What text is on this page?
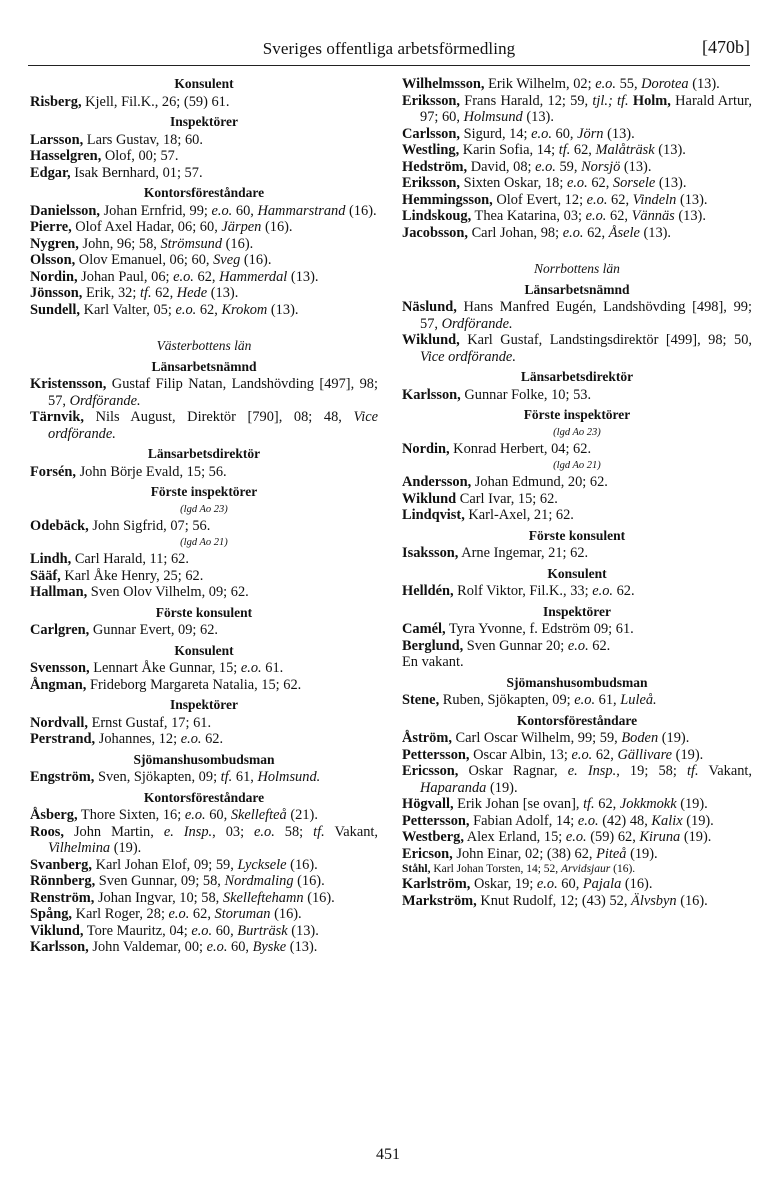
Sveriges offentliga arbetsförmedling	[470b]
Konsulent

Risberg, Kjell, Fil.K., 26; (59) 61.

Inspektörer

Larsson, Lars Gustav, 18; 60.

Hasselgren, Olof, 00; 57.

Edgar, Isak Bernhard, 01; 57.

Kontorsföreståndare

Danielsson, Johan Ernfrid, 99; e.o. 60, Hammarstrand (16).

Pierre, Olof Axel Hadar, 06; 60, Järpen (16).

Nygren, John, 96; 58, Strömsund (16).

Olsson, Olov Emanuel, 06; 60, Sveg (16).

Nordin, Johan Paul, 06; e.o. 62, Hammerdal (13).

Jönsson, Erik, 32; tf. 62, Hede (13).

Sundell, Karl Valter, 05; e.o. 62, Krokom (13).

Västerbottens län
Länsarbetsnämnd

Kristensson, Gustaf Filip Natan, Landshövding [497], 98; 57, Ordförande.

Tärnvik, Nils August, Direktör [790], 08; 48, Vice ordförande.

Länsarbetsdirektör

Forsén, John Börje Evald, 15; 56.

Förste inspektörer
(lgd Ao 23)

Odebäck, John Sigfrid, 07; 56.

(lgd Ao 21)

Lindh, Carl Harald, 11; 62.

Sääf, Karl Åke Henry, 25; 62.

Hallman, Sven Olov Vilhelm, 09; 62.

Förste konsulent

Carlgren, Gunnar Evert, 09; 62.

Konsulent

Svensson, Lennart Åke Gunnar, 15; e.o. 61.

Ångman, Frideborg Margareta Natalia, 15; 62.

Inspektörer

Nordvall, Ernst Gustaf, 17; 61.

Perstrand, Johannes, 12; e.o. 62.

Sjömanshusombudsman

Engström, Sven, Sjökapten, 09; tf. 61, Holmsund.

Kontorsföreståndare

Åsberg, Thore Sixten, 16; e.o. 60, Skellefteå (21).

Roos, John Martin, e. Insp., 03; e.o. 58; tf. Vakant, Vilhelmina (19).

Svanberg, Karl Johan Elof, 09; 59, Lycksele (16).

Rönnberg, Sven Gunnar, 09; 58, Nordmaling (16).

Renström, Johan Ingvar, 10; 58, Skelleftehamn (16).

Spång, Karl Roger, 28; e.o. 62, Storuman (16).

Viklund, Tore Mauritz, 04; e.o. 60, Burträsk (13).

Karlsson, John Valdemar, 00; e.o. 60, Byske (13).

Wilhelmsson, Erik Wilhelm, 02; e.o. 55, Dorotea (13).

Eriksson, Frans Harald, 12; 59, tjl.; tf. Holm, Harald Artur, 97; 60, Holmsund (13).

Carlsson, Sigurd, 14; e.o. 60, Jörn (13).

Westling, Karin Sofia, 14; tf. 62, Malåträsk (13).

Hedström, David, 08; e.o. 59, Norsjö (13).

Eriksson, Sixten Oskar, 18; e.o. 62, Sorsele (13).

Hemmingsson, Olof Evert, 12; e.o. 62, Vindeln (13).

Lindskoug, Thea Katarina, 03; e.o. 62, Vännäs (13).

Jacobsson, Carl Johan, 98; e.o. 62, Åsele (13).

Norrbottens län
Länsarbetsnämnd

Näslund, Hans Manfred Eugén, Landshövding [498], 99; 57, Ordförande.

Wiklund, Karl Gustaf, Landstingsdirektör [499], 98; 50, Vice ordförande.

Länsarbetsdirektör

Karlsson, Gunnar Folke, 10; 53.

Förste inspektörer
(lgd Ao 23)

Nordin, Konrad Herbert, 04; 62.

(lgd Ao 21)

Andersson, Johan Edmund, 20; 62.

Wiklund Carl Ivar, 15; 62.

Lindqvist, Karl-Axel, 21; 62.

Förste konsulent

Isaksson, Arne Ingemar, 21; 62.

Konsulent

Helldén, Rolf Viktor, Fil.K., 33; e.o. 62.

Inspektörer

Camél, Tyra Yvonne, f. Edström 09; 61.

Berglund, Sven Gunnar 20; e.o. 62.

En vakant.

Sjömanshusombudsman

Stene, Ruben, Sjökapten, 09; e.o. 61, Luleå.

Kontorsföreståndare

Åström, Carl Oscar Wilhelm, 99; 59, Boden (19).

Pettersson, Oscar Albin, 13; e.o. 62, Gällivare (19).

Ericsson, Oskar Ragnar, e. Insp., 19; 58; tf. Vakant, Haparanda (19).

Högvall, Erik Johan [se ovan], tf. 62, Jokkmokk (19).

Pettersson, Fabian Adolf, 14; e.o. (42) 48, Kalix (19).

Westberg, Alex Erland, 15; e.o. (59) 62, Kiruna (19).

Ericson, John Einar, 02; (38) 62, Piteå (19).

Ståhl, Karl Johan Torsten, 14; 52, Arvidsjaur (16).

Karlström, Oskar, 19; e.o. 60, Pajala (16).

Markström, Knut Rudolf, 12; (43) 52, Älvsbyn (16).

451
